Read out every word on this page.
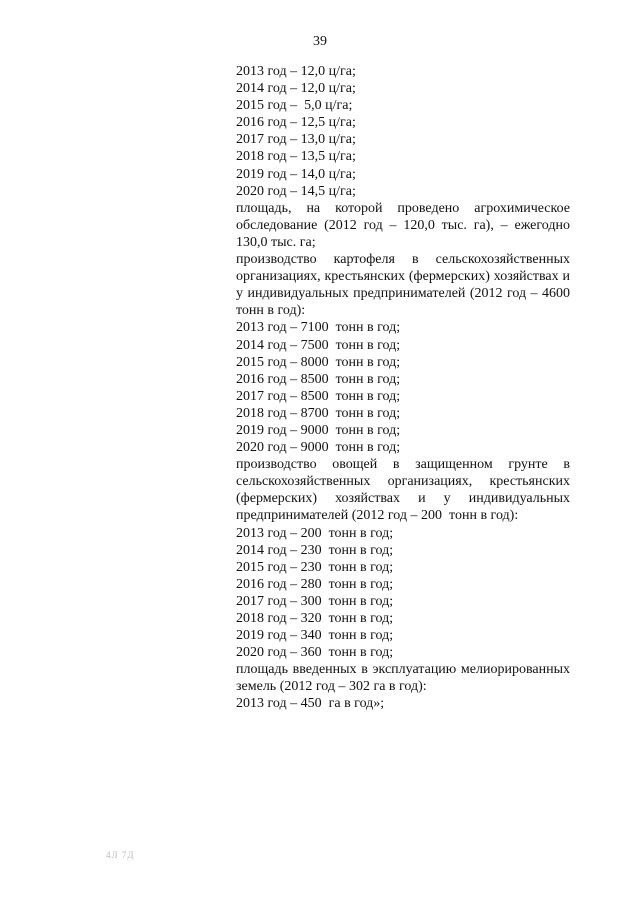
39
2013 год – 12,0 ц/га;
2014 год – 12,0 ц/га;
2015 год –  5,0 ц/га;
2016 год – 12,5 ц/га;
2017 год – 13,0 ц/га;
2018 год – 13,5 ц/га;
2019 год – 14,0 ц/га;
2020 год – 14,5 ц/га;
площадь, на которой проведено агрохимическое обследование (2012 год – 120,0 тыс. га), – ежегодно 130,0 тыс. га;
производство картофеля в сельскохозяйственных организациях, крестьянских (фермерских) хозяйствах и у индивидуальных предпринимателей (2012 год – 4600 тонн в год):
2013 год – 7100  тонн в год;
2014 год – 7500  тонн в год;
2015 год – 8000  тонн в год;
2016 год – 8500  тонн в год;
2017 год – 8500  тонн в год;
2018 год – 8700  тонн в год;
2019 год – 9000  тонн в год;
2020 год – 9000  тонн в год;
производство овощей в защищенном грунте в
сельскохозяйственных организациях, крестьянских
(фермерских) хозяйствах и у индивидуальных
предпринимателей (2012 год – 200  тонн в год):
2013 год – 200  тонн в год;
2014 год – 230  тонн в год;
2015 год – 230  тонн в год;
2016 год – 280  тонн в год;
2017 год – 300  тонн в год;
2018 год – 320  тонн в год;
2019 год – 340  тонн в год;
2020 год – 360  тонн в год;
площадь введенных в эксплуатацию мелиорированных земель (2012 год – 302 га в год):
2013 год – 450  га в год»;
4Л 7Д
